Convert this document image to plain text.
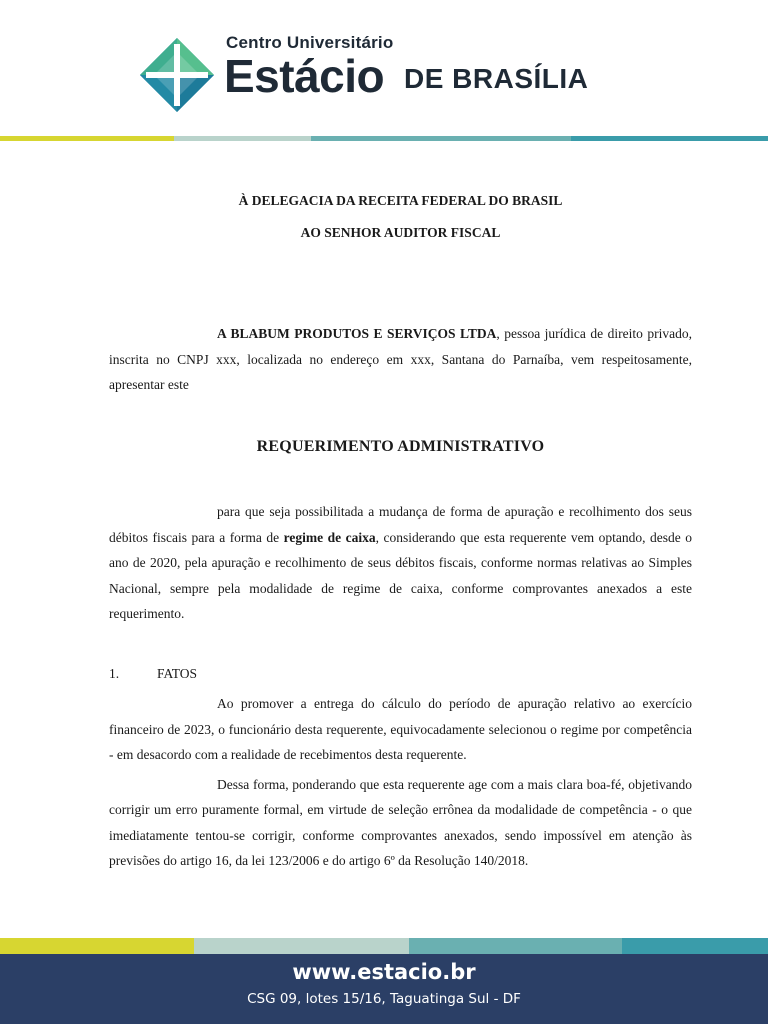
Centro Universitário
Estácio DE BRASÍLIA
À DELEGACIA DA RECEITA FEDERAL DO BRASIL
AO SENHOR AUDITOR FISCAL

A BLABUM PRODUTOS E SERVIÇOS LTDA, pessoa jurídica de direito privado, inscrita no CNPJ xxx, localizada no endereço em xxx, Santana do Parnaíba, vem respeitosamente, apresentar este

REQUERIMENTO ADMINISTRATIVO

para que seja possibilitada a mudança de forma de apuração e recolhimento dos seus débitos fiscais para a forma de regime de caixa, considerando que esta requerente vem optando, desde o ano de 2020, pela apuração e recolhimento de seus débitos fiscais, conforme normas relativas ao Simples Nacional, sempre pela modalidade de regime de caixa, conforme comprovantes anexados a este requerimento.

1.	FATOS

Ao promover a entrega do cálculo do período de apuração relativo ao exercício financeiro de 2023, o funcionário desta requerente, equivocadamente selecionou o regime por competência - em desacordo com a realidade de recebimentos desta requerente.

Dessa forma, ponderando que esta requerente age com a mais clara boa-fé, objetivando corrigir um erro puramente formal, em virtude de seleção errônea da modalidade de competência - o que imediatamente tentou-se corrigir, conforme comprovantes anexados, sendo impossível em atenção às previsões do artigo 16, da lei 123/2006 e do artigo 6º da Resolução 140/2018.

www.estacio.br
CSG 09, lotes 15/16, Taguatinga Sul - DF
